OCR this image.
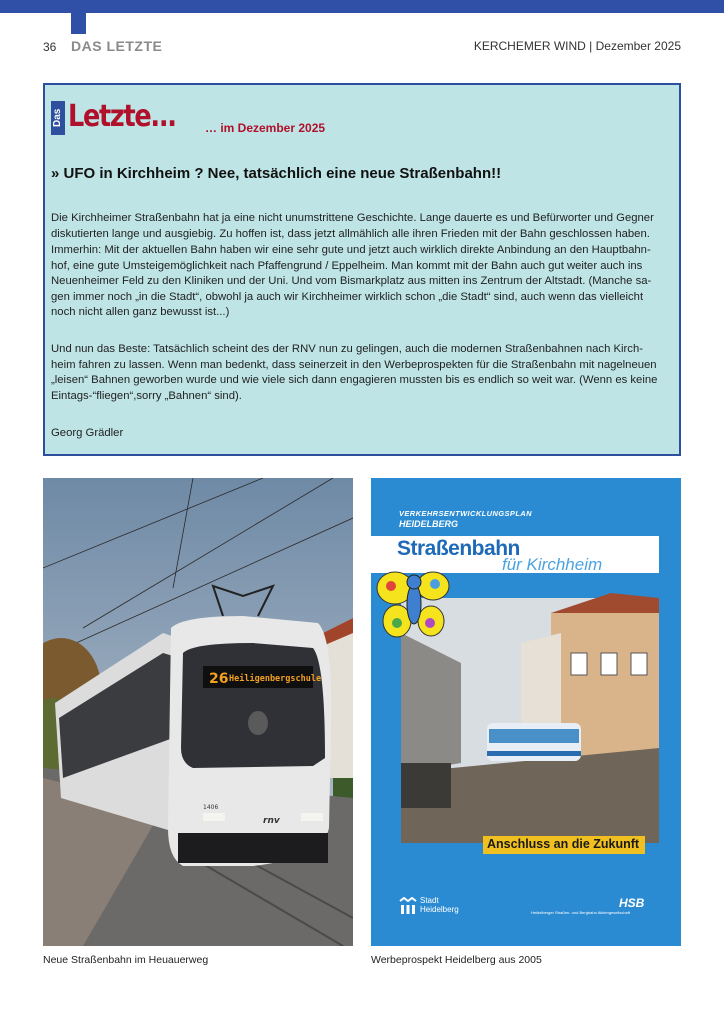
36 DAS LETZTE	KERCHEMER WIND | Dezember 2025
Das Letzte... … im Dezember 2025
» UFO in Kirchheim ? Nee, tatsächlich eine neue Straßenbahn!!
Die Kirchheimer Straßenbahn hat ja eine nicht unumstrittene Geschichte. Lange dauerte es und Befürworter und Gegner
diskutierten lange und ausgiebig. Zu hoffen ist, dass jetzt allmählich alle ihren Frieden mit der Bahn geschlossen haben.
Immerhin: Mit der aktuellen Bahn haben wir eine sehr gute und jetzt auch wirklich direkte Anbindung an den Hauptbahn-
hof, eine gute Umsteigemöglichkeit nach Pfaffengrund / Eppelheim. Man kommt mit der Bahn auch gut weiter auch ins
Neuenheimer Feld zu den Kliniken und der Uni. Und vom Bismarkplatz aus mitten ins Zentrum der Altstadt. (Manche sa-
gen immer noch „in die Stadt“, obwohl ja auch wir Kirchheimer wirklich schon „die Stadt“ sind, auch wenn das vielleicht
noch nicht allen ganz bewusst ist...)
Und nun das Beste: Tatsächlich scheint des der RNV nun zu gelingen, auch die modernen Straßenbahnen nach Kirch-
heim fahren zu lassen. Wenn man bedenkt, dass seinerzeit in den Werbeprospekten für die Straßenbahn mit nagelneuen
„leisen“ Bahnen geworben wurde und wie viele sich dann engagieren mussten bis es endlich so weit war. (Wenn es keine
Eintags-“fliegen“,sorry „Bahnen“ sind).
Georg Grädler
26 Heiligenbergschule
rnv
1406
VERKEHRSENTWICKLUNGSPLAN
HEIDELBERG
Straßenbahn
für Kirchheim
Anschluss an die Zukunft
Stadt
Heidelberg	HSB
Heidelberger Straßen- und Bergbahn Aktiengesellschaft
Neue Straßenbahn im Heuauerweg	Werbeprospekt Heidelberg aus 2005
